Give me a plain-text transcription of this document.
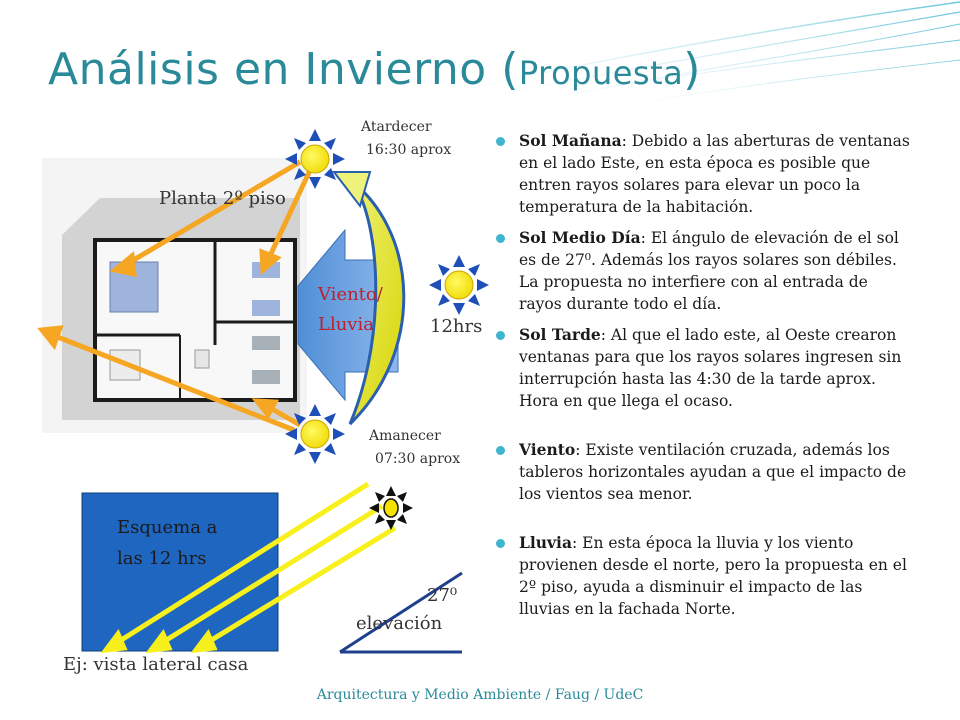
Análisis en Invierno (Propuesta)
Atardecer
16:30 aprox
Planta 2º piso
Viento/
Lluvia	12hrs
Amanecer
07:30 aprox
Esquema a
las 12 hrs
27⁰
elevación
Ej: vista lateral casa
Sol Mañana: Debido a las aberturas de ventanas en el lado Este, en esta época es posible que entren rayos solares para elevar un poco la temperatura de la habitación.
Sol Medio Día: El ángulo de elevación de el sol es de 27⁰. Además los rayos solares son débiles. La propuesta no interfiere con al entrada de rayos durante todo el día.
Sol Tarde: Al que el lado este, al Oeste crearon ventanas para que los rayos solares ingresen sin interrupción hasta las 4:30 de la tarde aprox. Hora en que llega el ocaso.
Viento: Existe ventilación cruzada, además los tableros horizontales ayudan a que el impacto de los vientos sea menor.
Lluvia: En esta época la lluvia y los viento provienen desde el norte, pero la propuesta en el 2º piso, ayuda a disminuir el impacto de las lluvias en la fachada Norte.
Arquitectura y Medio Ambiente / Faug / UdeC
